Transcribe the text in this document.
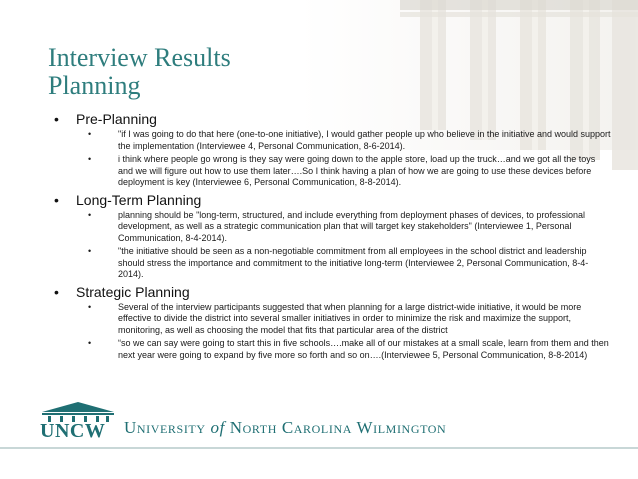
Interview Results
Planning
•	Pre-Planning
•	"if I was going to do that here (one-to-one initiative), I would gather people up who believe in the initiative and would support the implementation (Interviewee 4, Personal Communication, 8-6-2014).
•	i think where people go wrong is they say were going down to the apple store, load up the truck…and we got all the toys and we will figure out how to use them later….So I think having a plan of how we are going to use these devices before deployment is key (Interviewee 6, Personal Communication, 8-8-2014).
•	Long-Term Planning
•	planning should be "long-term, structured, and include everything from deployment phases of devices, to professional development, as well as a strategic communication plan that will target key stakeholders" (Interviewee 1, Personal Communication, 8-4-2014).
•	"the initiative should be seen as a non-negotiable commitment from all employees in the school district and leadership should stress the importance and commitment to the initiative long-term (Interviewee 2, Personal Communication, 8-4-2014).
•	Strategic Planning
•	Several of the interview participants suggested that when planning for a large district-wide initiative, it would be more effective to divide the district into several smaller initiatives in order to minimize the risk and maximize the support, monitoring, as well as choosing the model that fits that particular area of the district
•	“so we can say were going to start this in five schools….make all of our mistakes at a small scale, learn from them and then next year were going to expand by five more so forth and so on….(Interviewee 5, Personal Communication, 8-8-2014)
UNCW University of North Carolina Wilmington
